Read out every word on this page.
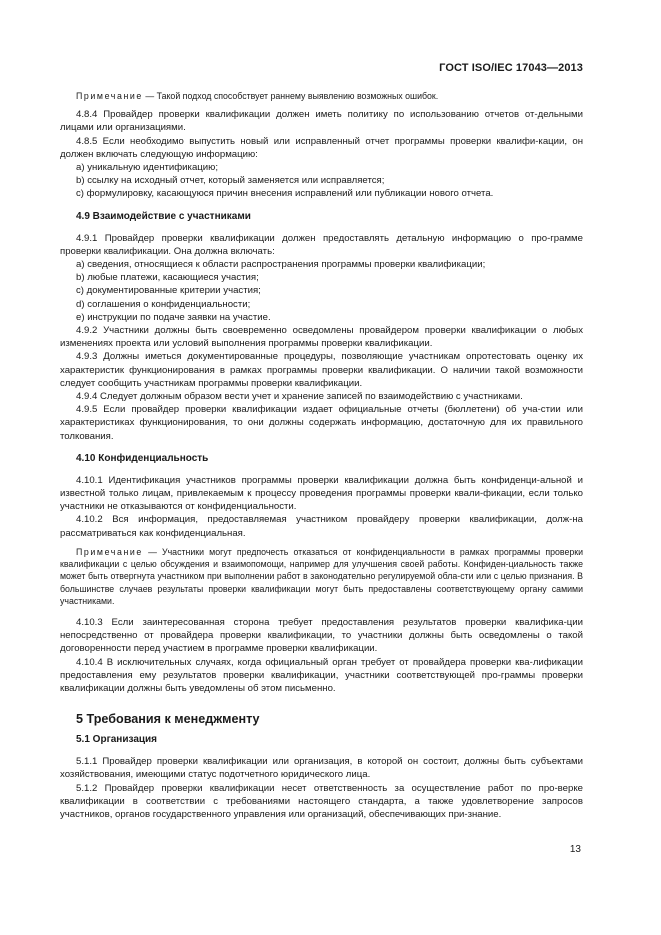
ГОСТ ISO/IEC 17043—2013

Примечание — Такой подход способствует раннему выявлению возможных ошибок.

4.8.4 Провайдер проверки квалификации должен иметь политику по использованию отчетов от-дельными лицами или организациями.

4.8.5 Если необходимо выпустить новый или исправленный отчет программы проверки квалифи-кации, он должен включать следующую информацию:

a) уникальную идентификацию;

b) ссылку на исходный отчет, который заменяется или исправляется;

c) формулировку, касающуюся причин внесения исправлений или публикации нового отчета.

4.9 Взаимодействие с участниками

4.9.1 Провайдер проверки квалификации должен предоставлять детальную информацию о про-грамме проверки квалификации. Она должна включать:

a) сведения, относящиеся к области распространения программы проверки квалификации;

b) любые платежи, касающиеся участия;

c) документированные критерии участия;

d) соглашения о конфиденциальности;

e) инструкции по подаче заявки на участие.

4.9.2 Участники должны быть своевременно осведомлены провайдером проверки квалификации о любых изменениях проекта или условий выполнения программы проверки квалификации.

4.9.3 Должны иметься документированные процедуры, позволяющие участникам опротестовать оценку их характеристик функционирования в рамках программы проверки квалификации. О наличии такой возможности следует сообщить участникам программы проверки квалификации.

4.9.4 Следует должным образом вести учет и хранение записей по взаимодействию с участниками.

4.9.5 Если провайдер проверки квалификации издает официальные отчеты (бюллетени) об уча-стии или характеристиках функционирования, то они должны содержать информацию, достаточную для их правильного толкования.

4.10 Конфиденциальность

4.10.1 Идентификация участников программы проверки квалификации должна быть конфиденци-альной и известной только лицам, привлекаемым к процессу проведения программы проверки квали-фикации, если только участники не отказываются от конфиденциальности.

4.10.2 Вся информация, предоставляемая участником провайдеру проверки квалификации, долж-на рассматриваться как конфиденциальная.

Примечание — Участники могут предпочесть отказаться от конфиденциальности в рамках программы проверки квалификации с целью обсуждения и взаимопомощи, например для улучшения своей работы. Конфиден-циальность также может быть отвергнута участником при выполнении работ в законодательно регулируемой обла-сти или с целью признания. В большинстве случаев результаты проверки квалификации могут быть предоставлены соответствующему органу самими участниками.

4.10.3 Если заинтересованная сторона требует предоставления результатов проверки квалифика-ции непосредственно от провайдера проверки квалификации, то участники должны быть осведомлены о такой договоренности перед участием в программе проверки квалификации.

4.10.4 В исключительных случаях, когда официальный орган требует от провайдера проверки ква-лификации предоставления ему результатов проверки квалификации, участники соответствующей про-граммы проверки квалификации должны быть уведомлены об этом письменно.

5 Требования к менеджменту
5.1 Организация

5.1.1 Провайдер проверки квалификации или организация, в которой он состоит, должны быть субъектами хозяйствования, имеющими статус подотчетного юридического лица.

5.1.2 Провайдер проверки квалификации несет ответственность за осуществление работ по про-верке квалификации в соответствии с требованиями настоящего стандарта, а также удовлетворение запросов участников, органов государственного управления или организаций, обеспечивающих при-знание.

13
